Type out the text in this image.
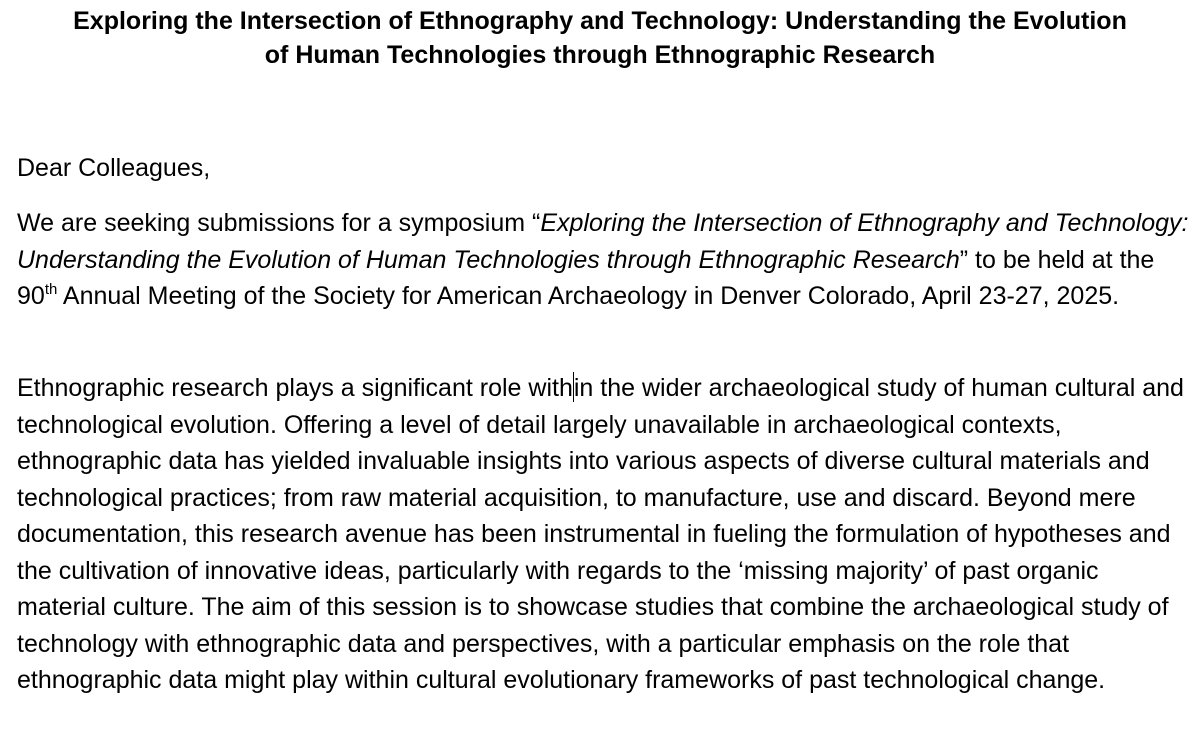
Exploring the Intersection of Ethnography and Technology: Understanding the Evolution
of Human Technologies through Ethnographic Research

Dear Colleagues,

We are seeking submissions for a symposium “Exploring the Intersection of Ethnography and Technology: Understanding the Evolution of Human Technologies through Ethnographic Research” to be held at the 90th Annual Meeting of the Society for American Archaeology in Denver Colorado, April 23-27, 2025.

Ethnographic research plays a significant role within the wider archaeological study of human cultural and technological evolution. Offering a level of detail largely unavailable in archaeological contexts, ethnographic data has yielded invaluable insights into various aspects of diverse cultural materials and technological practices; from raw material acquisition, to manufacture, use and discard. Beyond mere documentation, this research avenue has been instrumental in fueling the formulation of hypotheses and the cultivation of innovative ideas, particularly with regards to the ‘missing majority’ of past organic material culture. The aim of this session is to showcase studies that combine the archaeological study of technology with ethnographic data and perspectives, with a particular emphasis on the role that ethnographic data might play within cultural evolutionary frameworks of past technological change.
